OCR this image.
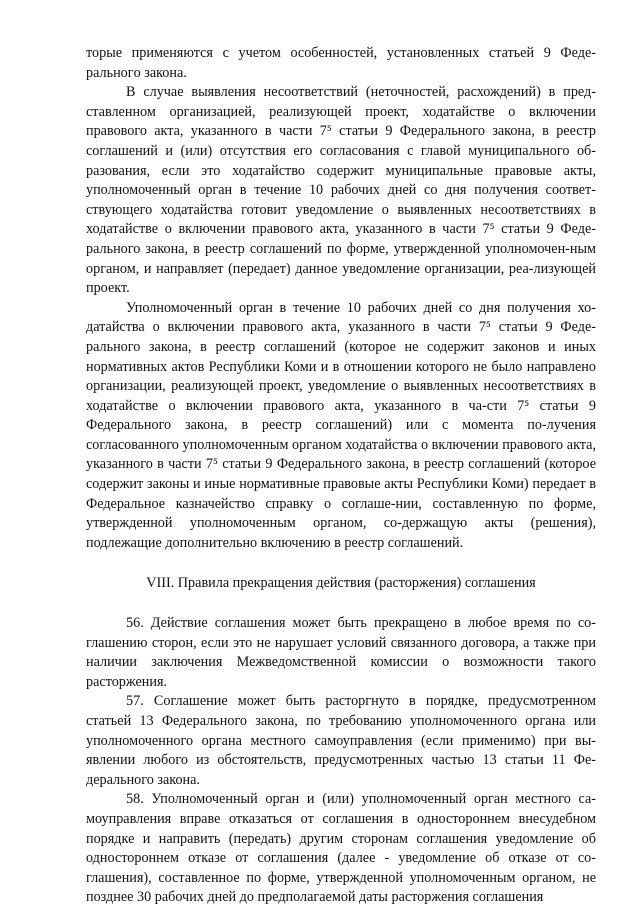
торые применяются с учетом особенностей, установленных статьей 9 Феде-ральногo закона.

В случае выявления несоответствий (неточностей, расхождений) в пред-ставленном организацией, реализующей проект, ходатайстве о включении правового акта, указанного в части 7⁵ статьи 9 Федерального закона, в реестр соглашений и (или) отсутствия его согласования с главой муниципального об-разования, если это ходатайство содержит муниципальные правовые акты, уполномоченный орган в течение 10 рабочих дней со дня получения соответ-ствующего ходатайства готовит уведомление о выявленных несоответствиях в ходатайстве о включении правового акта, указанного в части 7⁵ статьи 9 Феде-рального закона, в реестр соглашений по форме, утвержденной уполномочен-ным органом, и направляет (передает) данное уведомление организации, реа-лизующей проект.

Уполномоченный орган в течение 10 рабочих дней со дня получения хо-датайства о включении правового акта, указанного в части 7⁵ статьи 9 Феде-рального закона, в реестр соглашений (которое не содержит законов и иных нормативных актов Республики Коми и в отношении которого не было направлено организации, реализующей проект, уведомление о выявленных несоответствиях в ходатайстве о включении правового акта, указанного в ча-сти 7⁵ статьи 9 Федерального закона, в реестр соглашений) или с момента по-лучения согласованного уполномоченным органом ходатайства о включении правового акта, указанного в части 7⁵ статьи 9 Федерального закона, в реестр соглашений (которое содержит законы и иные нормативные правовые акты Республики Коми) передает в Федеральное казначейство справку о соглаше-нии, составленную по форме, утвержденной уполномоченным органом, со-держащую акты (решения), подлежащие дополнительно включению в реестр соглашений.

VIII. Правила прекращения действия (расторжения) соглашения

56. Действие соглашения может быть прекращено в любое время по со-глашению сторон, если это не нарушает условий связанного договора, а также при наличии заключения Межведомственной комиссии о возможности такого расторжения.

57. Соглашение может быть расторгнуто в порядке, предусмотренном статьей 13 Федерального закона, по требованию уполномоченного органа или уполномоченного органа местного самоуправления (если применимо) при вы-явлении любого из обстоятельств, предусмотренных частью 13 статьи 11 Фе-дерального закона.

58. Уполномоченный орган и (или) уполномоченный орган местного са-моуправления вправе отказаться от соглашения в одностороннем внесудебном порядке и направить (передать) другим сторонам соглашения уведомление об одностороннем отказе от соглашения (далее - уведомление об отказе от со-глашения), составленное по форме, утвержденной уполномоченным органом, не позднее 30 рабочих дней до предполагаемой даты расторжения соглашения
